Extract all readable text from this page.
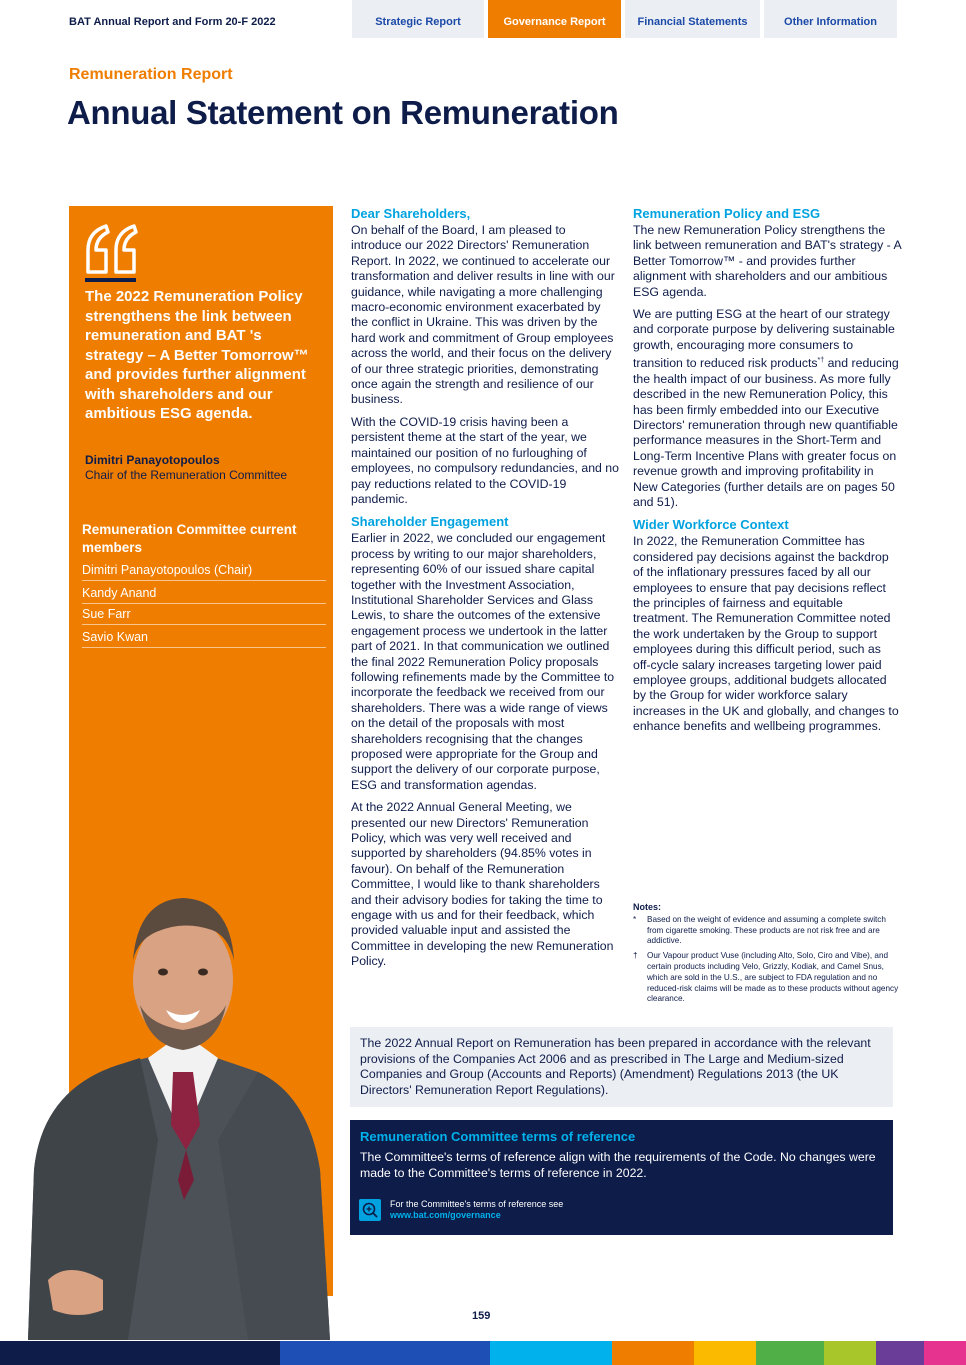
BAT Annual Report and Form 20-F 2022	Strategic Report	Governance Report	Financial Statements	Other Information
Remuneration Report
Annual Statement on Remuneration
The 2022 Remuneration Policy strengthens the link between remuneration and BAT 's strategy – A Better Tomorrow™ and provides further alignment with shareholders and our ambitious ESG agenda.
Dimitri Panayotopoulos
Chair of the Remuneration Committee
Remuneration Committee current members
Dimitri Panayotopoulos (Chair)
Kandy Anand
Sue Farr
Savio Kwan
Dear Shareholders,

On behalf of the Board, I am pleased to introduce our 2022 Directors' Remuneration Report. In 2022, we continued to accelerate our transformation and deliver results in line with our guidance, while navigating a more challenging macro-economic environment exacerbated by the conflict in Ukraine. This was driven by the hard work and commitment of Group employees across the world, and their focus on the delivery of our three strategic priorities, demonstrating once again the strength and resilience of our business.

With the COVID-19 crisis having been a persistent theme at the start of the year, we maintained our position of no furloughing of employees, no compulsory redundancies, and no pay reductions related to the COVID-19 pandemic.

Shareholder Engagement

Earlier in 2022, we concluded our engagement process by writing to our major shareholders, representing 60% of our issued share capital together with the Investment Association, Institutional Shareholder Services and Glass Lewis, to share the outcomes of the extensive engagement process we undertook in the latter part of 2021. In that communication we outlined the final 2022 Remuneration Policy proposals following refinements made by the Committee to incorporate the feedback we received from our shareholders. There was a wide range of views on the detail of the proposals with most shareholders recognising that the changes proposed were appropriate for the Group and support the delivery of our corporate purpose, ESG and transformation agendas.

At the 2022 Annual General Meeting, we presented our new Directors' Remuneration Policy, which was very well received and supported by shareholders (94.85% votes in favour). On behalf of the Remuneration Committee, I would like to thank shareholders and their advisory bodies for taking the time to engage with us and for their feedback, which provided valuable input and assisted the Committee in developing the new Remuneration Policy.

Remuneration Policy and ESG

The new Remuneration Policy strengthens the link between remuneration and BAT's strategy - A Better Tomorrow™ - and provides further alignment with shareholders and our ambitious ESG agenda.

We are putting ESG at the heart of our strategy and corporate purpose by delivering sustainable growth, encouraging more consumers to transition to reduced risk products*† and reducing the health impact of our business. As more fully described in the new Remuneration Policy, this has been firmly embedded into our Executive Directors' remuneration through new quantifiable performance measures in the Short-Term and Long-Term Incentive Plans with greater focus on revenue growth and improving profitability in New Categories (further details are on pages 50 and 51).

Wider Workforce Context

In 2022, the Remuneration Committee has considered pay decisions against the backdrop of the inflationary pressures faced by all our employees to ensure that pay decisions reflect the principles of fairness and equitable treatment. The Remuneration Committee noted the work undertaken by the Group to support employees during this difficult period, such as off-cycle salary increases targeting lower paid employee groups, additional budgets allocated by the Group for wider workforce salary increases in the UK and globally, and changes to enhance benefits and wellbeing programmes.

Notes:
* Based on the weight of evidence and assuming a complete switch from cigarette smoking. These products are not risk free and are addictive.
† Our Vapour product Vuse (including Alto, Solo, Ciro and Vibe), and certain products including Velo, Grizzly, Kodiak, and Camel Snus, which are sold in the U.S., are subject to FDA regulation and no reduced-risk claims will be made as to these products without agency clearance.
The 2022 Annual Report on Remuneration has been prepared in accordance with the relevant provisions of the Companies Act 2006 and as prescribed in The Large and Medium-sized Companies and Group (Accounts and Reports) (Amendment) Regulations 2013 (the UK Directors' Remuneration Report Regulations).
Remuneration Committee terms of reference
The Committee's terms of reference align with the requirements of the Code. No changes were made to the Committee's terms of reference in 2022.
For the Committee's terms of reference see
www.bat.com/governance
159
